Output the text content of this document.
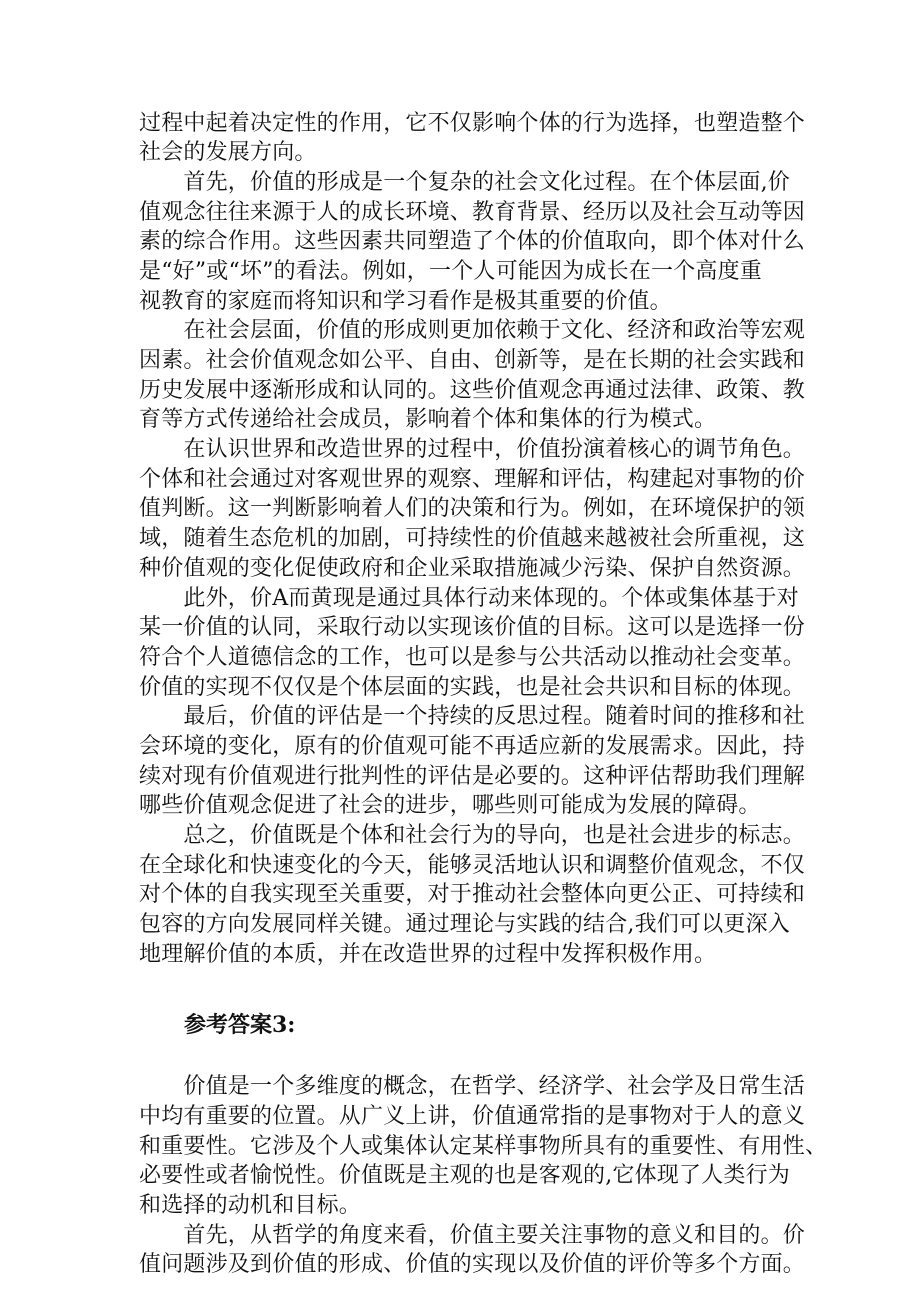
过程中起着决定性的作用，它不仅影响个体的行为选择，也塑造整个
社会的发展方向。
　　首先，价值的形成是一个复杂的社会文化过程。在个体层面,价
值观念往往来源于人的成长环境、教育背景、经历以及社会互动等因
素的综合作用。这些因素共同塑造了个体的价值取向，即个体对什么
是“好”或“坏”的看法。例如，一个人可能因为成长在一个高度重
视教育的家庭而将知识和学习看作是极其重要的价值。
　　在社会层面，价值的形成则更加依赖于文化、经济和政治等宏观
因素。社会价值观念如公平、自由、创新等，是在长期的社会实践和
历史发展中逐渐形成和认同的。这些价值观念再通过法律、政策、教
育等方式传递给社会成员，影响着个体和集体的行为模式。
　　在认识世界和改造世界的过程中，价值扮演着核心的调节角色。
个体和社会通过对客观世界的观察、理解和评估，构建起对事物的价
值判断。这一判断影响着人们的决策和行为。例如，在环境保护的领
域，随着生态危机的加剧，可持续性的价值越来越被社会所重视，这
种价值观的变化促使政府和企业采取措施减少污染、保护自然资源。
　　此外，价A而黄现是通过具体行动来体现的。个体或集体基于对
某一价值的认同，采取行动以实现该价值的目标。这可以是选择一份
符合个人道德信念的工作，也可以是参与公共活动以推动社会变革。
价值的实现不仅仅是个体层面的实践，也是社会共识和目标的体现。
　　最后，价值的评估是一个持续的反思过程。随着时间的推移和社
会环境的变化，原有的价值观可能不再适应新的发展需求。因此，持
续对现有价值观进行批判性的评估是必要的。这种评估帮助我们理解
哪些价值观念促进了社会的进步，哪些则可能成为发展的障碍。
　　总之，价值既是个体和社会行为的导向，也是社会进步的标志。
在全球化和快速变化的今天，能够灵活地认识和调整价值观念，不仅
对个体的自我实现至关重要，对于推动社会整体向更公正、可持续和
包容的方向发展同样关键。通过理论与实践的结合,我们可以更深入
地理解价值的本质，并在改造世界的过程中发挥积极作用。
参考答案3:
　　价值是一个多维度的概念，在哲学、经济学、社会学及日常生活
中均有重要的位置。从广义上讲，价值通常指的是事物对于人的意义
和重要性。它涉及个人或集体认定某样事物所具有的重要性、有用性、
必要性或者愉悦性。价值既是主观的也是客观的,它体现了人类行为
和选择的动机和目标。
　　首先，从哲学的角度来看，价值主要关注事物的意义和目的。价
值问题涉及到价值的形成、价值的实现以及价值的评价等多个方面。
